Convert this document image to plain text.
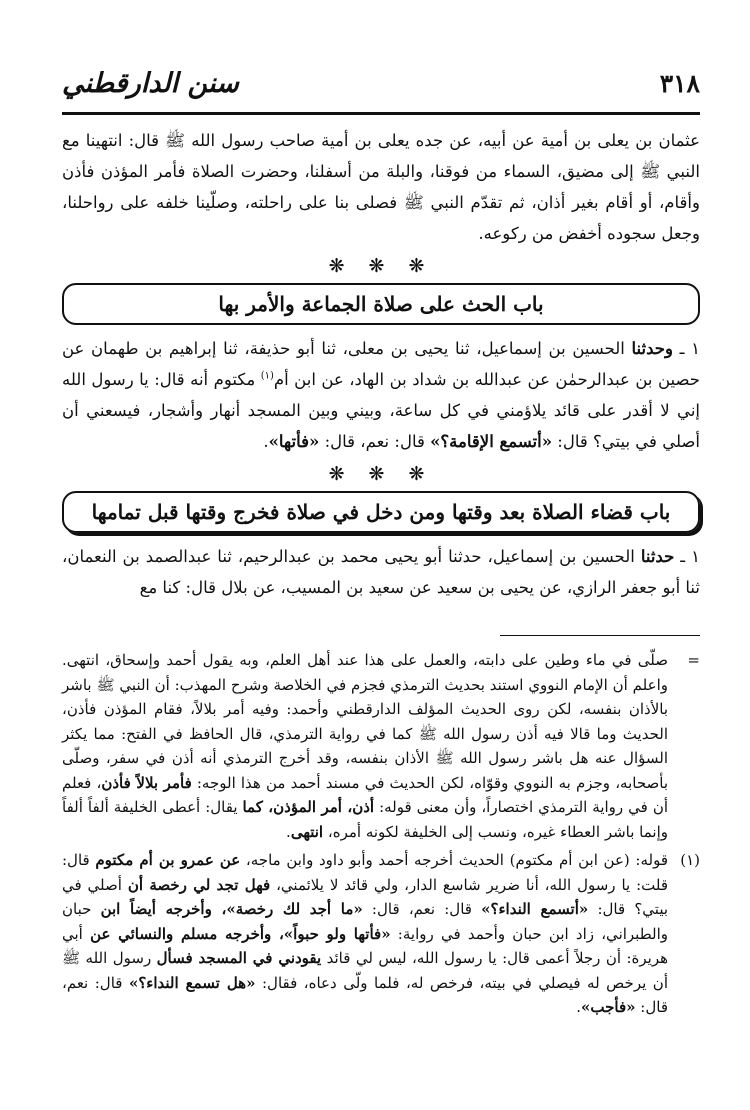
٣١٨
سنن الدارقطني

عثمان بن يعلى بن أمية عن أبيه، عن جده يعلى بن أمية صاحب رسول الله ﷺ قال: انتهينا مع النبي ﷺ إلى مضيق، السماء من فوقنا، والبلة من أسفلنا، وحضرت الصلاة فأمر المؤذن فأذن وأقام، أو أقام بغير أذان، ثم تقدّم النبي ﷺ فصلى بنا على راحلته، وصلّينا خلفه على رواحلنا، وجعل سجوده أخفض من ركوعه.

❋ ❋ ❋
باب الحث على صلاة الجماعة والأمر بها

١ ـ وحدثنا الحسين بن إسماعيل، ثنا يحيى بن معلى، ثنا أبو حذيفة، ثنا إبراهيم بن طهمان عن حصين بن عبدالرحمٰن عن عبدالله بن شداد بن الهاد، عن ابن أم$^{(١)}$ مكتوم أنه قال: يا رسول الله إني لا أقدر على قائد يلاؤمني في كل ساعة، وبيني وبين المسجد أنهار وأشجار، فيسعني أن أصلي في بيتي؟ قال: «أتسمع الإقامة؟» قال: نعم، قال: «فأتها».

❋ ❋ ❋
باب قضاء الصلاة بعد وقتها ومن دخل في صلاة فخرج وقتها قبل تمامها

١ ـ حدثنا الحسين بن إسماعيل، حدثنا أبو يحيى محمد بن عبدالرحيم، ثنا عبدالصمد بن النعمان، ثنا أبو جعفر الرازي، عن يحيى بن سعيد عن سعيد بن المسيب، عن بلال قال: كنا مع

=

صلّى في ماء وطين على دابته، والعمل على هذا عند أهل العلم، وبه يقول أحمد وإسحاق، انتهى. واعلم أن الإمام النووي استند بحديث الترمذي فجزم في الخلاصة وشرح المهذب: أن النبي ﷺ باشر بالأذان بنفسه، لكن روى الحديث المؤلف الدارقطني وأحمد: وفيه أمر بلالاً، فقام المؤذن فأذن، الحديث وما قالا فيه أذن رسول الله ﷺ كما في رواية الترمذي، قال الحافظ في الفتح: مما يكثر السؤال عنه هل باشر رسول الله ﷺ الأذان بنفسه، وقد أخرج الترمذي أنه أذن في سفر، وصلّى بأصحابه، وجزم به النووي وقوّاه، لكن الحديث في مسند أحمد من هذا الوجه: فأمر بلالاً فأذن، فعلم أن في رواية الترمذي اختصاراً، وأن معنى قوله: أذن، أمر المؤذن، كما يقال: أعطى الخليفة ألفاً ألفاً وإنما باشر العطاء غيره، ونسب إلى الخليفة لكونه أمره، انتهى.

(١)

قوله: (عن ابن أم مكتوم) الحديث أخرجه أحمد وأبو داود وابن ماجه، عن عمرو بن أم مكتوم قال: قلت: يا رسول الله، أنا ضرير شاسع الدار، ولي قائد لا يلائمني، فهل تجد لي رخصة أن أصلي في بيتي؟ قال: «أتسمع النداء؟» قال: نعم، قال: «ما أجد لك رخصة»، وأخرجه أيضاً ابن حبان والطبراني، زاد ابن حبان وأحمد في رواية: «فأتها ولو حبواً»، وأخرجه مسلم والنسائي عن أبي هريرة: أن رجلاً أعمى قال: يا رسول الله، ليس لي قائد يقودني في المسجد فسأل رسول الله ﷺ أن يرخص له فيصلي في بيته، فرخص له، فلما ولّى دعاه، فقال: «هل تسمع النداء؟» قال: نعم، قال: «فأجب».
